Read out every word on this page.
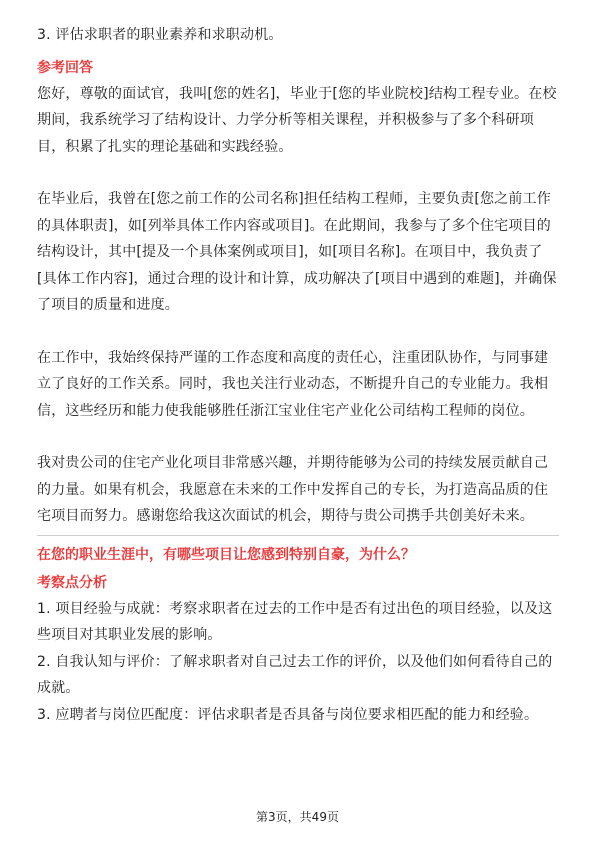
3. 评估求职者的职业素养和求职动机。
参考回答
您好，尊敬的面试官，我叫[您的姓名]，毕业于[您的毕业院校]结构工程专业。在校
期间，我系统学习了结构设计、力学分析等相关课程，并积极参与了多个科研项
目，积累了扎实的理论基础和实践经验。
在毕业后，我曾在[您之前工作的公司名称]担任结构工程师，主要负责[您之前工作
的具体职责]，如[列举具体工作内容或项目]。在此期间，我参与了多个住宅项目的
结构设计，其中[提及一个具体案例或项目]，如[项目名称]。在项目中，我负责了
[具体工作内容]，通过合理的设计和计算，成功解决了[项目中遇到的难题]，并确保
了项目的质量和进度。
在工作中，我始终保持严谨的工作态度和高度的责任心，注重团队协作，与同事建
立了良好的工作关系。同时，我也关注行业动态，不断提升自己的专业能力。我相
信，这些经历和能力使我能够胜任浙江宝业住宅产业化公司结构工程师的岗位。
我对贵公司的住宅产业化项目非常感兴趣，并期待能够为公司的持续发展贡献自己
的力量。如果有机会，我愿意在未来的工作中发挥自己的专长，为打造高品质的住
宅项目而努力。感谢您给我这次面试的机会，期待与贵公司携手共创美好未来。
在您的职业生涯中，有哪些项目让您感到特别自豪，为什么？
考察点分析
1. 项目经验与成就：考察求职者在过去的工作中是否有过出色的项目经验，以及这
些项目对其职业发展的影响。
2. 自我认知与评价：了解求职者对自己过去工作的评价，以及他们如何看待自己的
成就。
3. 应聘者与岗位匹配度：评估求职者是否具备与岗位要求相匹配的能力和经验。
第3页，共49页
